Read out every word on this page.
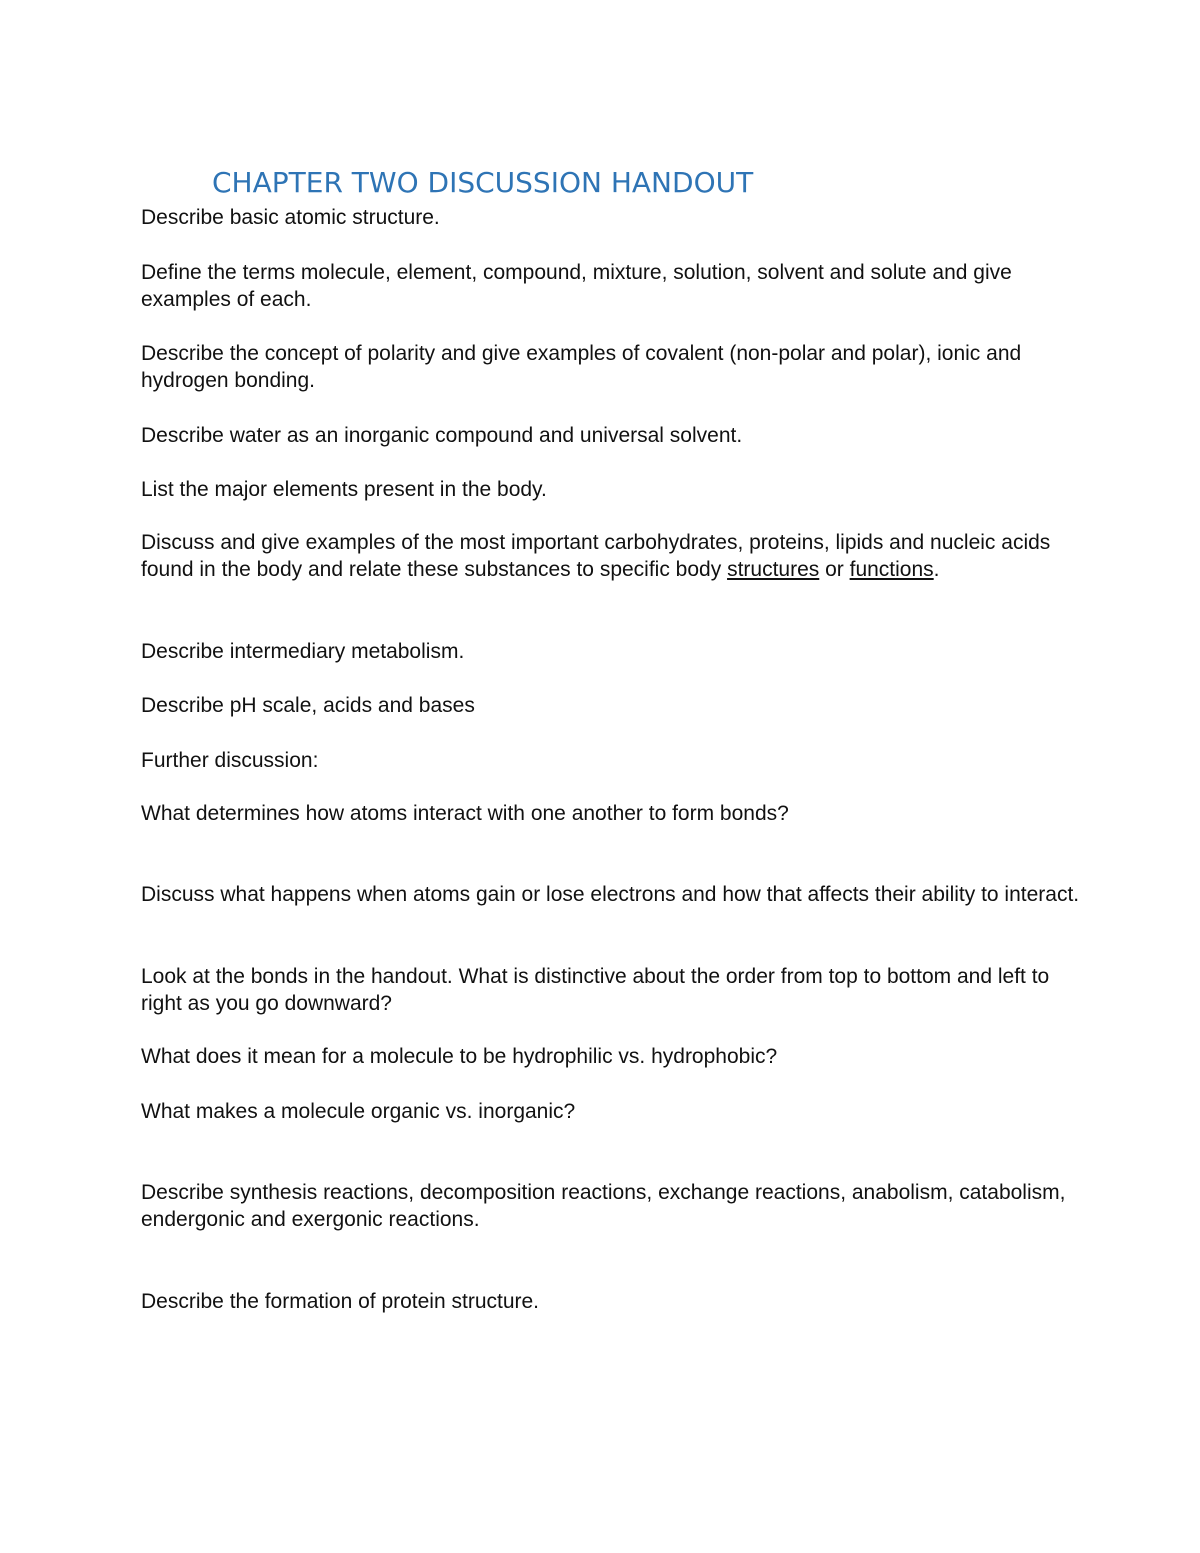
CHAPTER TWO DISCUSSION HANDOUT

Describe basic atomic structure.

Define the terms molecule, element, compound, mixture, solution, solvent and solute and give examples of each.

Describe the concept of polarity and give examples of covalent (non-polar and polar), ionic and hydrogen bonding.

Describe water as an inorganic compound and universal solvent.

List the major elements present in the body.

Discuss and give examples of the most important carbohydrates, proteins, lipids and nucleic acids found in the body and relate these substances to specific body structures or functions.

Describe intermediary metabolism.

Describe pH scale, acids and bases

Further discussion:

What determines how atoms interact with one another to form bonds?

Discuss what happens when atoms gain or lose electrons and how that affects their ability to interact.

Look at the bonds in the handout. What is distinctive about the order from top to bottom and left to right as you go downward?

What does it mean for a molecule to be hydrophilic vs. hydrophobic?

What makes a molecule organic vs. inorganic?

Describe synthesis reactions, decomposition reactions, exchange reactions, anabolism, catabolism, endergonic and exergonic reactions.

Describe the formation of protein structure.
